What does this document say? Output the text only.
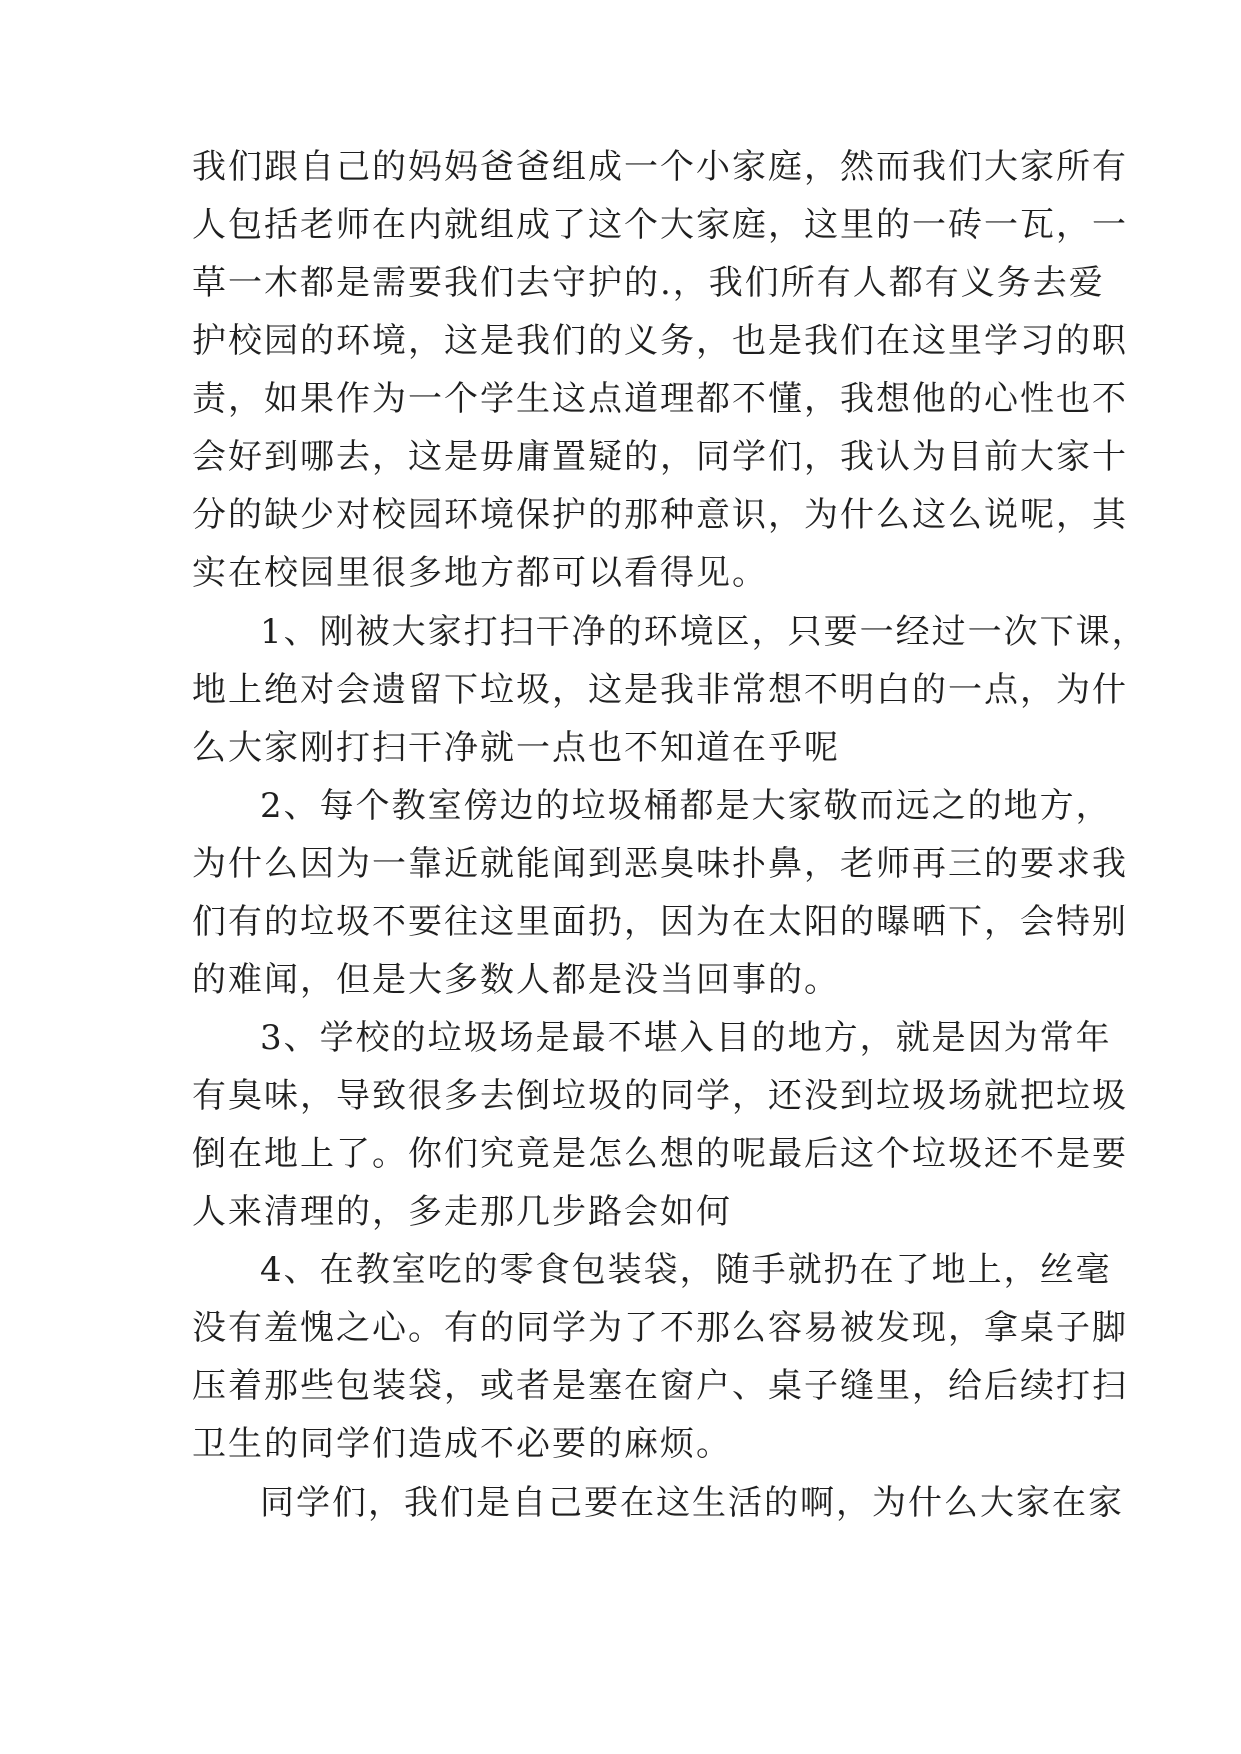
我们跟自己的妈妈爸爸组成一个小家庭，然而我们大家所有
人包括老师在内就组成了这个大家庭，这里的一砖一瓦，一
草一木都是需要我们去守护的.，我们所有人都有义务去爱
护校园的环境，这是我们的义务，也是我们在这里学习的职
责，如果作为一个学生这点道理都不懂，我想他的心性也不
会好到哪去，这是毋庸置疑的，同学们，我认为目前大家十
分的缺少对校园环境保护的那种意识，为什么这么说呢，其
实在校园里很多地方都可以看得见。
1、刚被大家打扫干净的环境区，只要一经过一次下课，
地上绝对会遗留下垃圾，这是我非常想不明白的一点，为什
么大家刚打扫干净就一点也不知道在乎呢
2、每个教室傍边的垃圾桶都是大家敬而远之的地方，
为什么因为一靠近就能闻到恶臭味扑鼻，老师再三的要求我
们有的垃圾不要往这里面扔，因为在太阳的曝晒下，会特别
的难闻，但是大多数人都是没当回事的。
3、学校的垃圾场是最不堪入目的地方，就是因为常年
有臭味，导致很多去倒垃圾的同学，还没到垃圾场就把垃圾
倒在地上了。你们究竟是怎么想的呢最后这个垃圾还不是要
人来清理的，多走那几步路会如何
4、在教室吃的零食包装袋，随手就扔在了地上，丝毫
没有羞愧之心。有的同学为了不那么容易被发现，拿桌子脚
压着那些包装袋，或者是塞在窗户、桌子缝里，给后续打扫
卫生的同学们造成不必要的麻烦。
同学们，我们是自己要在这生活的啊，为什么大家在家
